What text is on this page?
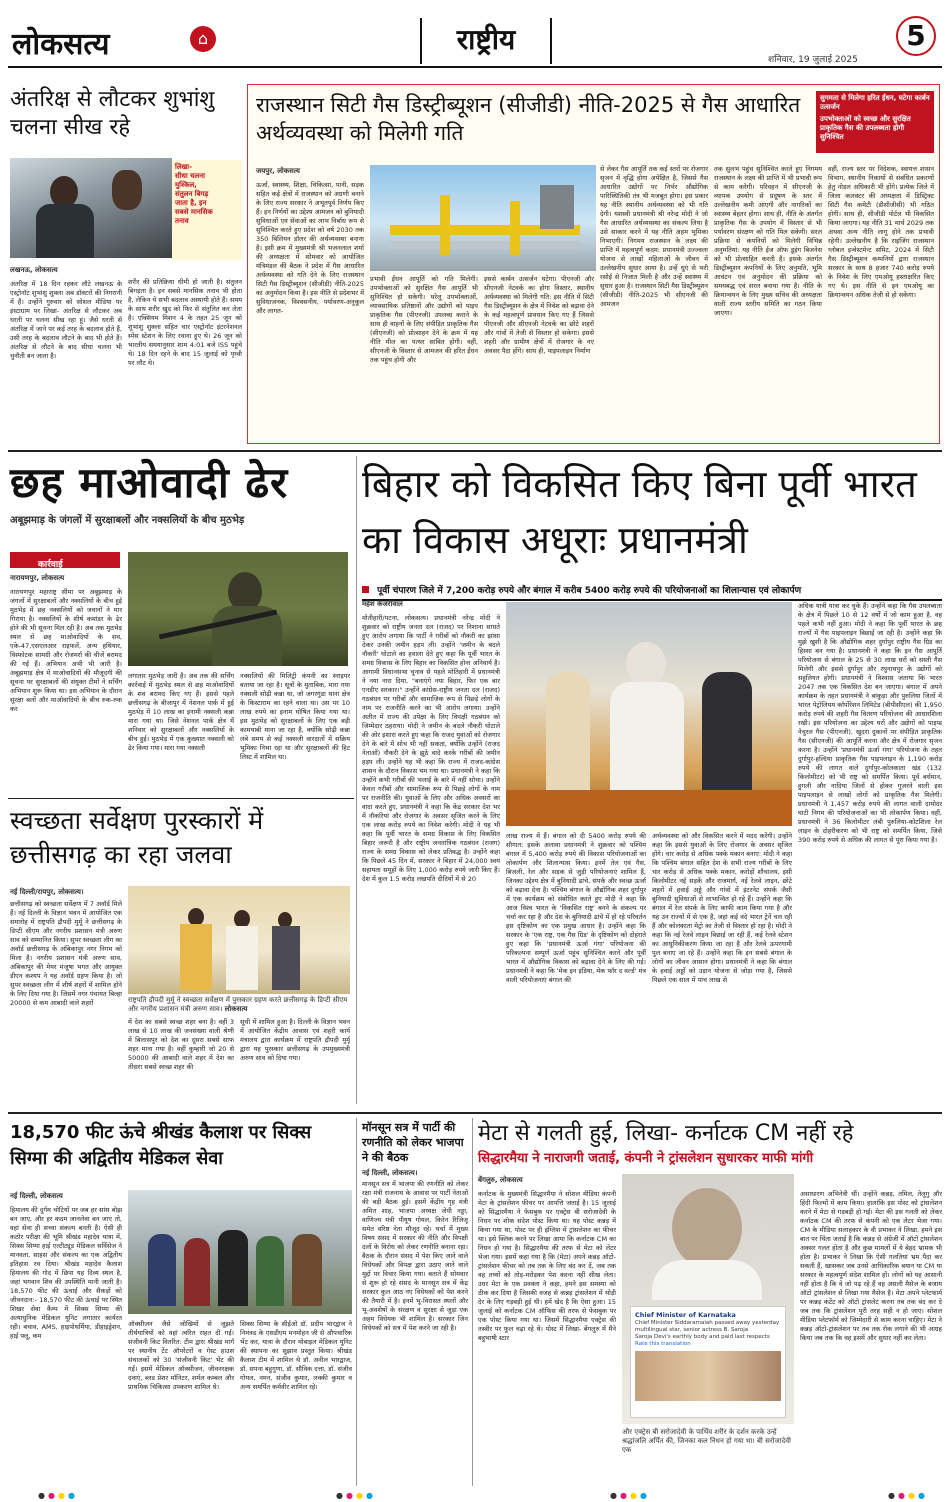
लोकसत्य	⌂	राष्ट्रीय
शनिवार, 19 जुलाई 2025
5
अंतरिक्ष से लौटकर शुभांशु चलना सीख रहे
लिखा-
सीधा चलना
मुश्किल,
संतुलन बिगड़
जाता है, इन
सबसे मानसिक
तनाव
लखनऊ, लोकसत्य
अंतरिक्ष में 18 दिन रहकर लौटे लखनऊ के एस्ट्रोनॉट शुभांशु शुक्ला अब डॉक्टरों की निगरानी में हैं। उन्होंने गुरुवार को सोशल मीडिया पर इंस्टाग्राम पर लिखा- अंतरिक्ष से लौटकर अब धरती पर चलना सीख रहा हूं। जैसे धरती से अंतरिक्ष में जाने पर कई तरह के बदलाव होते हैं, उसी तरह के बदलाव लौटने के बाद भी होते हैं। अंतरिक्ष से लौटने के बाद सीधा चलना भी चुनौती बन जाता है।
शरीर की प्रतिक्रिया धीमी हो जाती है। संतुलन बिगड़ता है। इन सबसे मानसिक तनाव भी होता है, लेकिन ये सभी बदलाव अस्थायी होते हैं। समय के साथ शरीर खुद को फिर से संतुलित कर लेता है। एक्सियम मिशन 4 के तहत 25 जून को शुभांशु शुक्ला सहित चार एस्ट्रोनॉट इंटरनेशनल स्पेस स्टेशन के लिए रवाना हुए थे। 26 जून को भारतीय समयानुसार शाम 4:01 बजे ISS पहुंचे थे। 18 दिन रहने के बाद 15 जुलाई को पृथ्वी पर लौट थे।
राजस्थान सिटी गैस डिस्ट्रीब्यूशन (सीजीडी) नीति-2025 से गैस आधारित अर्थव्यवस्था को मिलेगी गति
सुगमता से मिलेगा हरित ईंधन, घटेगा कार्बन उत्सर्जन
उपभोक्ताओं को स्वच्छ और सुरक्षित प्राकृतिक गैस की उपलब्धता होगी सुनिश्चित
जयपुर, लोकसत्य
ऊर्जा, स्वास्थ्य, शिक्षा, चिकित्सा, पानी, सड़क सहित कई क्षेत्रों में राजस्थान को अग्रणी बनाने के लिए राज्य सरकार ने अभूतपूर्व निर्णय किए हैं। इन निर्णयों का उद्देश्य आमजन को बुनियादी सुविधाओं एवं सेवाओं का लाभ निर्बाध रूप से सुनिश्चित करते हुए प्रदेश को वर्ष 2030 तक 350 बिलियन डॉलर की अर्थव्यवस्था बनाना है। इसी क्रम में मुख्यमंत्री श्री भजनलाल शर्मा की अध्यक्षता में सोमवार को आयोजित मंत्रिमंडल की बैठक ने प्रदेश में गैस आधारित अर्थव्यवस्था को गति देने के लिए राजस्थान सिटी गैस डिस्ट्रीब्यूशन (सीजीडी) नीति-2025 का अनुमोदन किया है। इस नीति से प्रदेशभर में सुविधाजनक, विश्वसनीय, पर्यावरण-अनुकूल और लागत-
प्रभावी ईंधन आपूर्ति को गति मिलेगी। उपभोक्ताओं को सुरक्षित गैस आपूर्ति भी सुनिश्चित हो सकेगी। घरेलू उपभोक्ताओं, व्यावसायिक प्रतिष्ठानों और उद्योगों को पाइप प्राकृतिक गैस (पीएनजी) उपलब्ध कराने के साथ ही वाहनों के लिए संपीड़ित प्राकृतिक गैस (सीएनजी) को प्रोत्साहन देने के क्रम में यह नीति मील का पत्थर साबित होगी। वहीं, सीएनजी के विस्तार से आमजन की हरित ईंधन तक पहुंच होगी और
इससे कार्बन उत्सर्जन घटेगा। पीएनजी और सीएनजी नेटवर्क का होगा विस्तार, स्थानीय अर्थव्यवस्था को मिलेगी गति: इस नीति में सिटी गैस डिस्ट्रीब्यूशन के क्षेत्र में निवेश को बढ़ावा देने के कई महत्वपूर्ण प्रावधान किए गए हैं जिससे पीएनजी और सीएनजी नेटवर्क का छोटे शहरों और गांवों में तेजी से विस्तार हो सकेगा। इससे शहरी और ग्रामीण क्षेत्रों में रोजगार के नए अवसर पैदा होंगे। साथ ही, पाइपलाइन निर्माण
से लेकर गैस आपूर्ति तक कई स्तरों पर रोजगार सृजन में वृद्धि होगा अपेक्षित है, जिससे गैस आधारित उद्योगों पर निर्भर औद्योगिक पारिस्थितिकी तंत्र भी मजबूत होगा। इस प्रकार यह नीति स्थानीय अर्थव्यवस्था को भी गति देगी। यशस्वी प्रधानमंत्री श्री नरेन्द्र मोदी ने जो गैस आधारित अर्थव्यवस्था का संकल्प लिया है उसे साकार करने में यह नीति अहम भूमिका निभाएगी। निगमय राजस्थान के लक्ष्य की प्राप्ति में महत्वपूर्ण कदम: प्रधानमंत्री उज्ज्वला योजना से लाखों महिलाओं के जीवन में उल्लेखनीय सुधार आया है। उन्हें धुएं से भरी रसोई से निजात मिली है और उन्हें स्वास्थ्य में सुधार हुआ है। राजस्थान सिटी गैस डिस्ट्रीब्यूशन (सीजीडी) नीति-2025 भी सीएनजी की आमजन
तक सुलभ पहुंच सुनिश्चित करते हुए निगमय राजस्थान के लक्ष्य की प्राप्ति में भी प्रभावी रूप से काम करेगी। परिवहन में सीएनजी के व्यापक उपयोग से प्रदूषण के स्तर में उल्लेखनीय कमी आएगी और नागरिकों का स्वास्थ्य बेहतर होगा। साथ ही, नीति के अंतर्गत प्राकृतिक गैस के उपयोग में विस्तार से भी पर्यावरण संरक्षण को गति मिल सकेगी। सरल प्रक्रिया से कंपनियों को मिलेगी विभिन्न अनुमतियां: यह नीति ईज ऑफ डूइंग बिजनेस को भी प्रोत्साहित करती है। इसके अंतर्गत डिस्ट्रीब्यूशन कंपनियों के लिए अनुमति, भूमि आवंटन एवं अनुमोदन की प्रक्रिया को समयबद्ध एवं सरल बनाया गया है। नीति के क्रियान्वयन के लिए मुख्य सचिव की अध्यक्षता वाली राज्य स्तरीय समिति का गठन किया जाएगा।
वहीं, राज्य स्तर पर निदेशक, स्वायत्त शासन विभाग, स्थानीय निकायों से संबंधित प्रकरणों हेतु नोडल अधिकारी भी होंगे। प्रत्येक जिले में जिला कलक्टर की अध्यक्षता में डिस्ट्रिक्ट सिटी गैस कमेटी (डीसीजीसी) भी गठित होगी। साथ ही, सीजीडी पोर्टल भी विकसित किया जाएगा। यह नीति 31 मार्च 2029 तक अथवा अन्य नीति लागू होने तक प्रभावी रहेगी। उल्लेखनीय है कि राइजिंग राजस्थान ग्लोबल इन्वेस्टमेन्ट समिट, 2024 में सिटी गैस डिस्ट्रीब्यूशन कम्पनियों द्वारा राजस्थान सरकार के साथ 8 हजार 740 करोड़ रुपये के निवेश के लिए एमओयू हस्ताक्षरित किए गए थे। इस नीति से इन एमओयू का क्रियान्वयन अधिक तेजी से हो सकेगा।
छह माओवादी ढेर
अबूझमाड़ के जंगलों में सुरक्षाबलों और नक्सलियों के बीच मुठभेड़
कार्रवाई
नारायणपुर, लोकसत्य
नारायणपुर महाराष्ट्र सीमा पर अबूझमाड़ के जंगलों में सुरक्षाबलों और नक्सलियों के बीच हुई मुठभेड़ में छह नक्सलियों को जवानों ने मार गिराया है। नक्सलियों के शीर्ष कमांडर के ढेर होने की भी सूचना मिल रही है। अब तक मुठभेड़ स्थल से छह माओवादियों के शव, एके-47,एसएलआर राइफलें, अन्य हथियार, विस्फोटक सामग्री और रोजमर्रा की चीजें बरामद की गई हैं। अभियान अभी भी जारी है। अबूझमाड़ क्षेत्र में माओवादियों की मौजूदगी की सूचना पर सुरक्षाबलों की संयुक्त टीमों ने सर्चिंग अभियान शुरू किया था। इस अभियान के दौरान सुरक्षा बलों और माओवादियों के बीच रुक-रुक कर
लगातार मुठभेड़ जारी है। अब तक की सर्चिंग कार्रवाई में मुठभेड़ स्थल से छह माओवादियों के शव बरामद किए गए हैं। इससे पहले छत्तीसगढ़ के बीजापुर में नेशनल पार्क में हुई मुठभेड़ में 10 लाख का इनामी नक्सली कन्ना मारा गया था। जिसे नेशनल पार्क क्षेत्र में शनिवार को सुरक्षाबलों और नक्सलियों के बीच हुई। मुठभेड़ में एक कुख्यात नक्सली को ढेर किया गया। मारा गया नक्सली
नक्सलियों की मिलिट्री कंपनी का स्नाइपर बताया जा रहा है। सूत्रों के मुताबिक, मारा गया नक्सली सोढ़ी कन्ना था, जो जगरगुंडा थाना क्षेत्र के किस्टाराम का रहने वाला था। उस पर 10 लाख रुपये का इनाम घोषित किया गया था। इस मुठभेड़ को सुरक्षाबलों के लिए एक बड़ी कामयाबी माना जा रहा है, क्योंकि सोढ़ी कन्ना लंबे समय से कई नक्सली वारदातों में सक्रिय भूमिका निभा रहा था और सुरक्षाबलों की हिट लिस्ट में शामिल था।
बिहार को विकसित किए बिना पूर्वी भारत का विकास अधूराः प्रधानमंत्री
पूर्वी चंपारण जिले में 7,200 करोड़ रुपये और बंगाल में करीब 5400 करोड़ रुपये की परियोजनाओं का शिलान्यास एवं लोकार्पण
महेश केजरीवाल
मोतीहारी/पटना, लोकसत्य। प्रधानमंत्री नरेन्द्र मोदी ने शुक्रवार को राष्ट्रीय जनता दल (राजद) पर निशाना साधते हुए आरोप लगाया कि पार्टी ने गरीबों को नौकरी का झांसा देकर उनकी जमीन हड़प ली। उन्होंने 'जमीन के बदले नौकरी' घोटाले का हवाला देते हुए कहा कि पूर्वी भारत के समग्र विकास के लिए बिहार का विकसित होना अनिवार्य है। आगामी विधानसभा चुनाव से पहले मोतिहारी में प्रधानमंत्री ने नया नारा दिया, "बनाएंगे नया बिहार, फिर एक बार एनडीए सरकार।" उन्होंने कांग्रेस-राष्ट्रीय जनता दल (राजद) गठबंधन पर गरीबों और सामाजिक रूप से पिछड़े लोगों के नाम पर राजनीति करने का भी आरोप लगाया। उन्होंने अतीत में राज्य की उपेक्षा के लिए विपक्षी गठबंधन को जिम्मेदार ठहराया। मोदी ने जमीन के बदले नौकरी घोटाले की ओर इशारा करते हुए कहा कि राजद युवाओं को रोजगार देने के बारे में सोच भी नहीं सकता, क्योंकि उन्होंने (राजद नेताओं) नौकरी देने के झूठे वादे करके गरीबों की जमीन हड़प ली। उन्होंने यह भी कहा कि राज्य में राजद-कांग्रेस शासन के दौरान विकास थम गया था। प्रधानमंत्री ने कहा कि उन्होंने कभी गरीबों की भलाई के बारे में नहीं सोचा। उन्होंने केवल गरीबों और सामाजिक रूप से पिछड़े लोगों के नाम पर राजनीति की। युवाओं के लिए और अधिक अवसरों का वादा करते हुए, प्रधानमंत्री ने कहा कि केंद्र सरकार देश भर में नौकरियां और रोजगार के अवसर सृजित करने के लिए एक लाख करोड़ रुपये का निवेश करेगी। मोदी ने यह भी कहा कि पूर्वी भारत के समग्र विकास के लिए विकसित बिहार जरूरी है और राष्ट्रीय जनतांत्रिक गठबंधन (राजग) राज्य के समग्र विकास को लेकर प्रतिबद्ध है। उन्होंने कहा कि पिछले 45 दिन में, सरकार ने बिहार में 24,000 स्वयं सहायता समूहों के लिए 1,000 करोड़ रुपये जारी किए हैं। देश में कुल 1.5 करोड़ लखपति दीदियों में से 20
लाख राज्य में हैं। बंगाल को दी 5400 करोड़ रुपये की सौगात: इसके अलावा प्रधानमंत्री ने शुक्रवार को पश्चिम बंगाल में 5,400 करोड़ रुपये की विकास परियोजनाओं का लोकार्पण और शिलान्यास किया। इनमें तेल एवं गैस, बिजली, रेल और सड़क से जुड़ी परियोजनाएं शामिल हैं, जिनका उद्देश्य क्षेत्र में बुनियादी ढांचे, संपर्क और स्वच्छ ऊर्जा को बढ़ावा देना है। पश्चिम बंगाल के औद्योगिक शहर दुर्गापुर में एक कार्यक्रम को संबोधित करते हुए मोदी ने कहा कि आज विश्व भारत के 'विकसित राष्ट्र' बनने के संकल्प पर चर्चा कर रहा है और देश के बुनियादी ढांचे में हो रहे परिवर्तन इस दृष्टिकोण का एक प्रमुख आधार है। उन्होंने कहा कि सरकार के 'एक राष्ट्र, एक गैस ग्रिड' के दृष्टिकोण को दोहराते हुए कहा कि 'प्रधानमंत्री ऊर्जा गंगा' परियोजना की परिकल्पना सम्पूर्ण ऊर्जा पहुंच सुनिश्चित करने और पूर्वी भारत में औद्योगिक विकास को बढ़ावा देने के लिए की गई। प्रधानमंत्री ने कहा कि 'मेक इन इंडिया, मेक फॉर द वर्ल्ड' मंत्र वाली परियोजनाएं बंगाल की
अर्थव्यवस्था को और विकसित करने में मदद करेंगी। उन्होंने कहा कि इससे युवाओं के लिए रोजगार के अवसर सृजित होंगे। चार करोड़ से अधिक पक्के मकान बनाए: मोदी ने कहा कि पश्चिम बंगाल सहित देश के सभी राज्य गरीबों के लिए चार करोड़ से अधिक पक्के मकान, करोड़ों शौचालय, इसी किलोमीटर नई सड़कें और राजमार्ग, नई रेलवे लाइन, छोटे शहरों में हवाई अड्डे और गांवों में इंटरनेट संपर्क जैसी बुनियादी सुविधाओं से लाभान्वित हो रहे हैं। उन्होंने कहा कि बंगाल में रेल संपर्क के लिए काफी काम किया गया है और यह उन राज्यों में से एक है, जहां कई वंदे भारत ट्रेनें चल रही हैं और कोलकाता मेट्रो का तेजी से विस्तार हो रहा है। मोदी ने कहा कि नई रेलवे लाइन बिछाई जा रही हैं, कई रेलवे स्टेशन का आधुनिकीकरण किया जा रहा है और रेलवे ऊपरगामी पुल बनाए जा रहे हैं। उन्होंने कहा कि इन सबसे बंगाल के लोगों का जीवन आसान होगा। प्रधानमंत्री ने कहा कि बंगाल के हवाई अड्डों को उड़ान योजना से जोड़ा गया है, जिससे पिछले एक साल में पांच लाख से
अधिक यात्री यात्रा कर चुके हैं। उन्होंने कहा कि गैस उपलब्धता के क्षेत्र में पिछले 10 से 12 वर्षों में जो काम हुआ है, वह पहले कभी नहीं हुआ। मोदी ने कहा कि पूर्वी भारत के छह राज्यों में गैस पाइपलाइन बिछाई जा रही है। उन्होंने कहा कि मुझे खुशी है कि औद्योगिक शहर दुर्गापुर राष्ट्रीय गैस ग्रिड का हिस्सा बन गया है। प्रधानमंत्री ने कहा कि इन गैस आपूर्ति परियोजना से बंगाल के 25 से 30 लाख घरों को सस्ती गैस मिलेगी और इससे दुर्गापुर और रघुनाथपुर के उद्योगों को सहूलियत होगी। प्रधानमंत्री ने विश्वास जताया कि भारत 2047 तक एक विकसित देश बन जाएगा। बंगाल में अपने कार्यक्रम के तहत प्रधानमंत्री ने बांकुड़ा और पुरुलिया जिलों में भारत पेट्रोलियम कॉर्पोरेशन लिमिटेड (बीपीसीएल) की 1,950 करोड़ रुपये की शहरी गैस वितरण परियोजना की आधारशिला रखी। इस परियोजना का उद्देश्य घरों और उद्योगों को पाइप्ड नेचुरल गैस (पीएनजी), खुदरा दुकानों पर संपीड़ित प्राकृतिक गैस (सीएनजी) की आपूर्ति करना और क्षेत्र में रोजगार सृजन करना है। उन्होंने 'प्रधानमंत्री ऊर्जा गंगा' परियोजना के तहत दुर्गापुर-हल्दिया प्राकृतिक गैस पाइपलाइन के 1,190 करोड़ रुपये की लागत वाले दुर्गापुर-कोलकाता खंड (132 किलोमीटर) को भी राष्ट्र को समर्पित किया। पूर्व बर्धमान, हुगली और नादिया जिलों से होकर गुजरने वाली इस पाइपलाइन से लाखों लोगों को प्राकृतिक गैस मिलेगी। प्रधानमंत्री ने 1,457 करोड़ रुपये की लागत वाली दामोदर घाटी निगम की परियोजनाओं का भी लोकार्पण किया। वहीं, प्रधानमंत्री ने 36 किलोमीटर लंबी पुरुलिया-कोटशिला रेल लाइन के दोहरीकरण को भी राष्ट्र को समर्पित किया, जिसे 390 करोड़ रुपये से अधिक की लागत से पूरा किया गया है।
स्वच्छता सर्वेक्षण पुरस्कारों में छत्तीसगढ़ का रहा जलवा
नई दिल्ली/रायपुर, लोकसत्य।
छत्तीसगढ़ को स्वच्छता सर्वेक्षण में 7 अवॉर्ड मिले हैं। नई दिल्ली के विज्ञान भवन में आयोजित एक समारोह में राष्ट्रपति द्रौपदी मुर्मू ने छत्तीसगढ़ के डिप्टी सीएम और नगरीय प्रशासन मंत्री अरुण साव को सम्मानित किया। सुपर स्वच्छता लीग का अवॉर्ड छत्तीसगढ़ के अंबिकापुर नगर निगम को मिला है। नगरीय प्रशासन मंत्री अरुण साव, अंबिकापुर की मेयर मंजूषा भगत और आयुक्त डीएन कश्यप ने यह अवॉर्ड ग्रहण किया है। जो सुपर स्वच्छता लीग में शीर्ष शहरों में शामिल होने के लिए दिया गया है। जिसमें नगर पंचायत बिल्हा 20000 से कम आबादी वाले शहरों	राष्ट्रपति द्रौपदी मुर्मू ने स्वच्छता सर्वेक्षण में पुरस्कार ग्रहण करते छत्तीसगढ़ के डिप्टी सीएम और नगरीय प्रशासन मंत्री अरुण साव। लोकसत्य
में देश का सबसे स्वच्छ शहर बना है। वहीं 3 लाख से 10 लाख की जनसंख्या वाली श्रेणी में बिलासपुर को देश का दूसरा सबसे साफ शहर माना गया है। वहीं कुम्हारी जो 20 से 50000 की आबादी वाले शहर में देश का तीसरा सबसे स्वच्छ शहर की
सूची में शामिल हुआ है। दिल्ली के विज्ञान भवन में आयोजित केंद्रीय आवास एवं शहरी कार्य मंत्रालय द्वारा कार्यक्रम में राष्ट्रपति द्रौपदी मुर्मू द्वारा यह पुरस्कार छत्तीसगढ़ के उपमुख्यमंत्री अरुण साव को दिया गया।
18,570 फीट ऊंचे श्रीखंड कैलाश पर सिक्स सिग्मा की अद्वितीय मेडिकल सेवा
नई दिल्ली, लोकसत्य
हिमालय की दुर्गम चोटियों पर जब हर सांस बोझ बन जाए, और हर कदम जानलेवा बन जाए तो, वहां सेवा ही सच्चा संकल्प बनती है। ऐसी ही कठोर परीक्षा की भूमि श्रीखंड महादेव यात्रा में, सिक्स सिग्मा हाई एल्टीट्यूड मेडिकल सर्विसेज ने मानवता, साहस और संकल्प का एक अद्वितीय इतिहास रच दिया। श्रीखंड महादेव कैलाश हिमालय की गोद में छिपा यह दिव्य स्थल है, जहां भगवान शिव की उपस्थिति मानी जाती है। 18,570 फीट की ऊंचाई और सैकड़ों को जीवनदान:- 18,570 फीट की ऊंचाई पर स्थित शिखर सेवा कैम्प में सिक्स सिग्मा की अत्याधुनिक मेडिकल यूनिट लगातार कार्यरत रही। बचाव, AMS, हाइपोथर्मिया, डीहाइड्रेशन, हाई फ्लू, कम
ऑक्सीजन जैसे जोखिमों से जूझते तीर्थयात्रियों को वहां त्वरित राहत दी गई। संजीवनी किट वितरित: टीम द्वारा श्रीखंड मार्ग पर स्थानीय टेंट ऑपरेटरों व गेस्ट हाउस संचालकों को 30 'संजीवनी किट' भेंट की गईं। इसमें मेडिकल ऑक्सीजन, जीवनरक्षक दवाएं, ब्लड प्रेशर मॉनिटर, शर्मल कम्बल और प्राथमिक चिकित्सा उपकरण शामिल थे।
सिक्स सिग्मा के सीईओ डॉ. प्रदीप भारद्वाज ने निमंत्रड के एसडीएम मनमोहन जी से औपचारिक भेंट कर, यात्रा के दौरान मोबाइल मेडिकल यूनिट की स्थापना का सुझाव प्रस्तुत किया। श्रीखंड कैलाश टीम में शामिल थे डॉ. अनील भारद्वाज, डॉ. सपना बहुगुणा, डॉ. सौविक दत्ता, डॉ. संजीव गोयल, नमन, संजीव कुमार, लक्की कुमार व अन्य समर्पित कर्मवीर शामिल रहे।
मॉनसून सत्र में पार्टी की रणनीति को लेकर भाजपा ने की बैठक
नई दिल्ली, लोकसत्य।
मानसून सत्र में भाजपा की रणनीति को लेकर रक्षा मंत्री राजनाथ के आवास पर पार्टी नेताओं की बड़ी बैठक हुई। इसमें केंद्रीय गृह मंत्री अमित शाह, भाजपा अध्यक्ष जेपी नड्डा, वाणिज्य मंत्री पीयूष गोयल, किरेन रिजिजू समेत वरिष्ठ नेता मौजूद रहे। चर्चा में मुख्य विषय संसद में सरकार की नीति और विपक्षी दलों के विरोध को लेकर रणनीति बनाना रहा। बैठक के दौरान संसद में पेश किए जाने वाले विधेयकों और विपक्ष द्वारा उठाए जाने वाले मुद्दों पर विचार किया गया। बताते हैं सोमवार से शुरू हो रहे संसद के मानसून सत्र में केंद्र सरकार कुल आठ नए विधेयकों को पेश करने की तैयारी में है। इनमें भू-विरासत स्थलों और भू-अवशेषों के संरक्षण व सुरक्षा से जुड़ा एक अहम विधेयक भी शामिल है। सरकार जिन विधेयकों को सत्र में पेश करने जा रही है।
मेटा से गलती हुई, लिखा- कर्नाटक CM नहीं रहे
सिद्धारमैया ने नाराजगी जताई, कंपनी ने ट्रांसलेशन सुधारकर माफी मांगी
बेंगलुरु, लोकसत्य
कर्नाटक के मुख्यमंत्री सिद्धारमैया ने सोशल मीडिया कंपनी मेटा के ट्रांसलेशन फीचर पर आपत्ति जताई है। 15 जुलाई को सिद्धारमैया ने फेसबुक पर एक्ट्रेस बी सरोजादेवी के निधन पर शोक संदेश पोस्ट किया था। यह पोस्ट कन्नड़ में किया गया था, पोस्ट पर ही इंग्लिश में ट्रांसलेशन का फीचर था। इसे क्लिक करने पर लिखा आया कि कर्नाटक CM का निधन हो गया है। सिद्धारमैया की तरफ से मेटा को लेटर भेजा गया। इसमें कहा गया है कि (मेटा) अपने कन्नड़ ऑटो-ट्रांसलेशन फीचर को तब तक के लिए बंद कर दें, जब तक वह तथ्यों को तोड़-मरोड़कर पेश करना नहीं सीख लेता। उधर मेटा के एक प्रवक्ता ने कहा, हमने इस समस्या को ठीक कर दिया है जिसकी वजह से कन्नड़ ट्रांसलेशन में थोड़ी देर के लिए गड़बड़ी हुई थी। हमें खेद है कि ऐसा हुआ। 15 जुलाई को कर्नाटक CM ऑफिस की तरफ से फेसबुक पर एक पोस्ट किया गया था। जिसमें सिद्धारमैया एक्ट्रेस की तस्वीर पर फूल चढ़ा रहे थे। पोस्ट में लिखा- बेंगलुरु में मैंने बहुभाषी स्टार
Chief Minister of Karnataka
Chief Minister Siddaramaiah passed away yesterday
multilingual star, senior actress B. Saroja
Saroja Devi's earthly body and paid last respects
Rate this translation
और एक्ट्रेस बी सरोजादेवी के पार्थिव शरीर के दर्शन करके उन्हें श्रद्धांजलि अर्पित की, जिनका कल निधन हो गया था। बी सरोजादेवी एक
असाधारण अभिनेत्री थीं। उन्होंने कन्नड़, तमिल, तेलुगु और हिंदी फिल्मों में काम किया। हालांकि इस पोस्ट को ट्रांसलेशन करने में मेटा से गड़बड़ी हो गई। मेटा की इस गलती को लेकर कर्नाटक CM की तरफ से कंपनी को एक लेटर भेजा गया। CM के मीडिया सलाहकार के वी प्रभाकर ने लिखा, हमने इस बात पर चिंता जताई है कि कन्नड़ से अंग्रेजी में ऑटो ट्रांसलेशन अक्सर गलत होता है और कुछ मामलों में ये बेहद भ्रामक भी होता है। प्रभाकर ने लिखा कि ऐसी गलतियां भ्रम पैदा कर सकती हैं, खासकर जब उनसे आधिकारिक बयान या CM या सरकार के महत्वपूर्ण संदेश शामिल हों। लोगों को यह आसानी नहीं होता है कि वे जो पढ़ रहे हैं वह असली मैसेज के बजाय ऑटो ट्रांसलेशन से लिखा गया मैसेज है। मेटा अपने प्लेटफार्म पर कन्नड़ कंटेंट को ऑटो ट्रांसलेट करना तब तक बंद कर दे जब तक कि ट्रांसलेशन पूरी तरह सही न हो जाए। सोशल मीडिया प्लेटफॉर्म को जिम्मेदारी से काम करना चाहिए। मेटा ने कन्नड़ ऑटो-ट्रांसलेशन पर तब तक रोक लगाने की भी आग्रह किया जब तक कि वह इसमें और सुधार नहीं कर लेता।
● ● ● ●	● ● ● ●	● ● ● ●	● ● ● ●
